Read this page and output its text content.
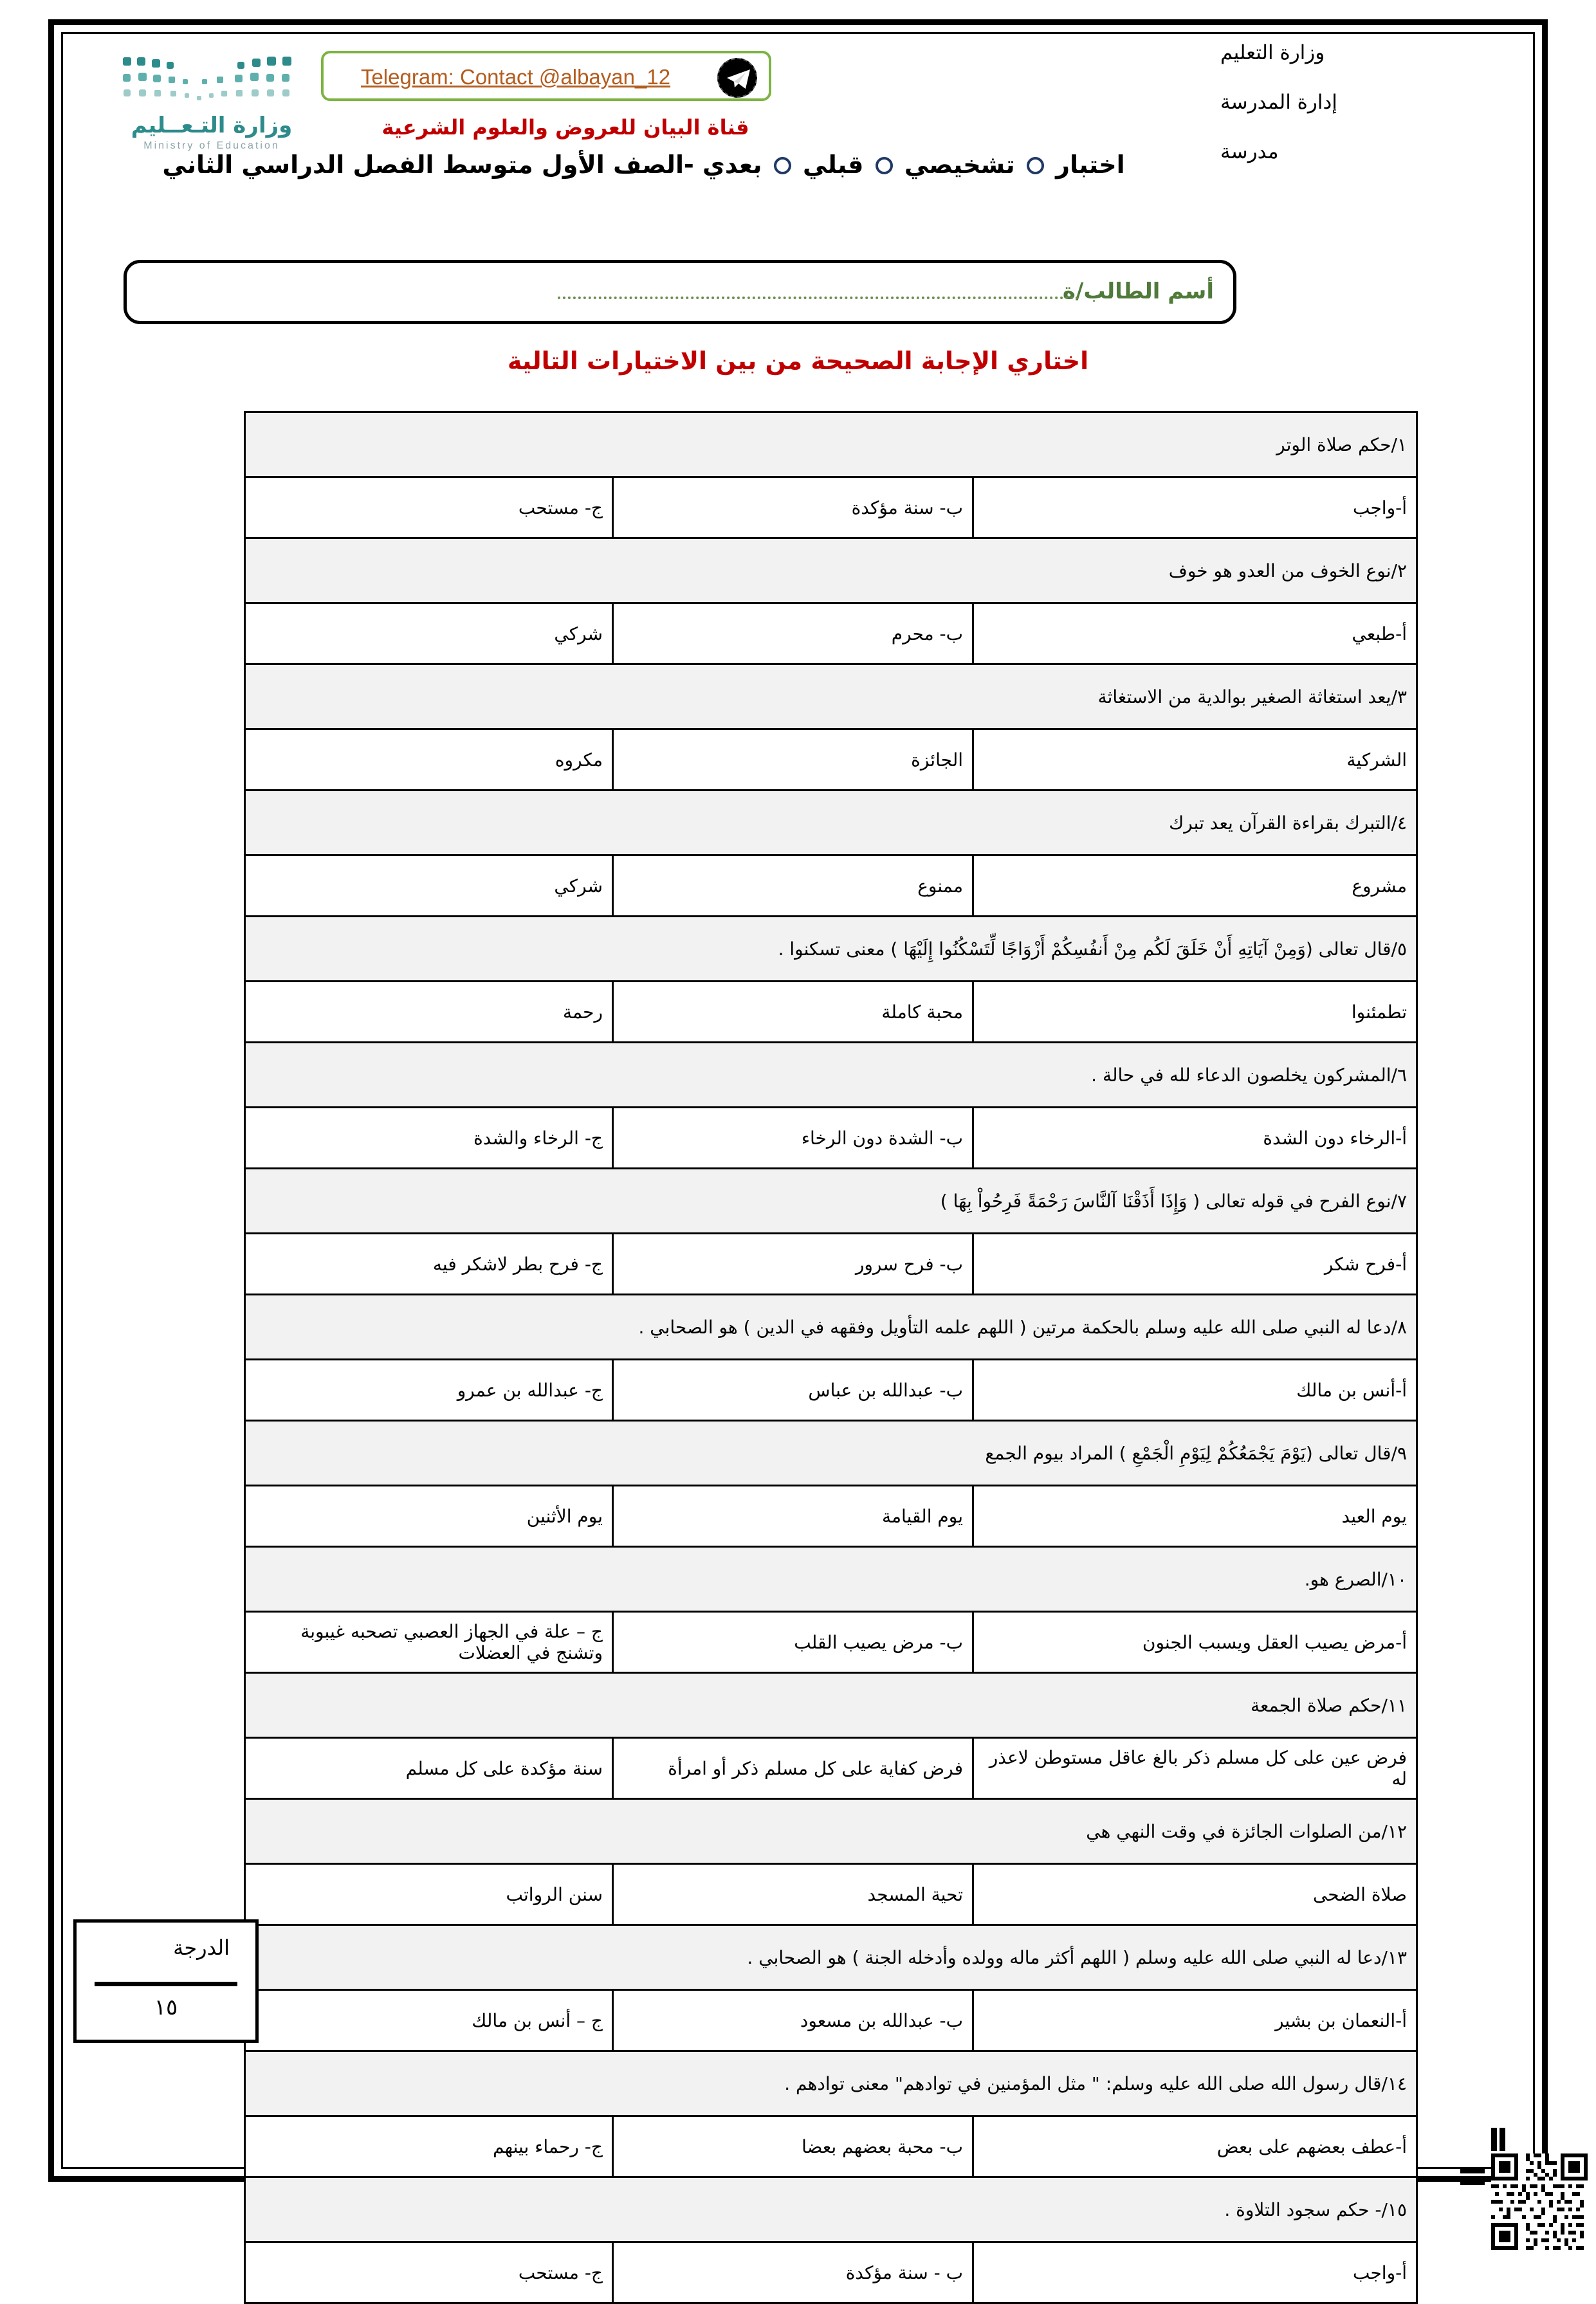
وزارة التعليم
إدارة المدرسة
مدرسة
وزارة التـعــليم
Ministry of Education
Telegram: Contact @albayan_12
قناة البيان للعروض والعلوم الشرعية
اختبار  تشخيصي  قبلي  بعدي -الصف الأول متوسط الفصل الدراسي الثاني
أسم الطالب/ة
اختاري الإجابة الصحيحة من بين الاختيارات التالية
١/حكم صلاة الوتر		
أ-واجب	ب- سنة مؤكدة	ج- مستحب
٢/نوع الخوف من العدو هو خوف		
أ-طبعي	ب- محرم	شركي
٣/يعد استغاثة الصغير بوالدية من الاستغاثة		
الشركية	الجائزة	مكروه
٤/التبرك بقراءة القرآن يعد تبرك		
مشروع	ممنوع	شركي
٥/قال تعالى (وَمِنْ آيَاتِهِ أَنْ خَلَقَ لَكُم مِنْ أَنفُسِكُمْ أَزْوَاجًا لِّتَسْكُنُوا إِلَيْهَا ) معنى تسكنوا .		
تطمئنوا	محبة كاملة	رحمة
٦/المشركون يخلصون الدعاء لله في حالة .		
أ-الرخاء دون الشدة	ب- الشدة دون الرخاء	ج- الرخاء والشدة
٧/نوع الفرح في قوله تعالى ( وَإِذَا أَذَقْنَا آلنَّاسَ رَحْمَةً فَرِحُواْ بِهَا )		
أ-فرح شكر	ب- فرح سرور	ج- فرح بطر لاشكر فيه
٨/دعا له النبي صلى الله عليه وسلم بالحكمة مرتين ( اللهم علمه التأويل وفقهه في الدين ) هو الصحابي .		
أ-أنس بن مالك	ب- عبدالله بن عباس	ج- عبدالله بن عمرو
٩/قال تعالى (يَوْمَ يَجْمَعُكُمْ لِيَوْمِ الْجَمْعِ ) المراد بيوم الجمع		
يوم العيد	يوم القيامة	يوم الأثنين
١٠/الصرع هو.		
أ-مرض يصيب العقل ويسبب الجنون	ب- مرض يصيب القلب	ج – علة في الجهاز العصبي تصحبه غيبوبة وتشنج في العضلات
١١/حكم صلاة الجمعة		
فرض عين على كل مسلم ذكر بالغ عاقل مستوطن لاعذر له	فرض كفاية على كل مسلم ذكر أو امرأة	سنة مؤكدة على كل مسلم
١٢/من الصلوات الجائزة في وقت النهي هي		
صلاة الضحى	تحية المسجد	سنن الرواتب
١٣/دعا له النبي صلى الله عليه وسلم ( اللهم أكثر ماله وولده وأدخله الجنة ) هو الصحابي .		
أ-النعمان بن بشير	ب- عبدالله بن مسعود	ج – أنس بن مالك
١٤/قال رسول الله صلى الله عليه وسلم: " مثل المؤمنين في توادهم" معنى توادهم .		
أ-عطف بعضهم على بعض	ب- محبة بعضهم بعضا	ج- رحماء بينهم
١٥/- حكم سجود التلاوة .		
أ-واجب	ب - سنة مؤكدة	ج- مستحب
الدرجة
١٥
